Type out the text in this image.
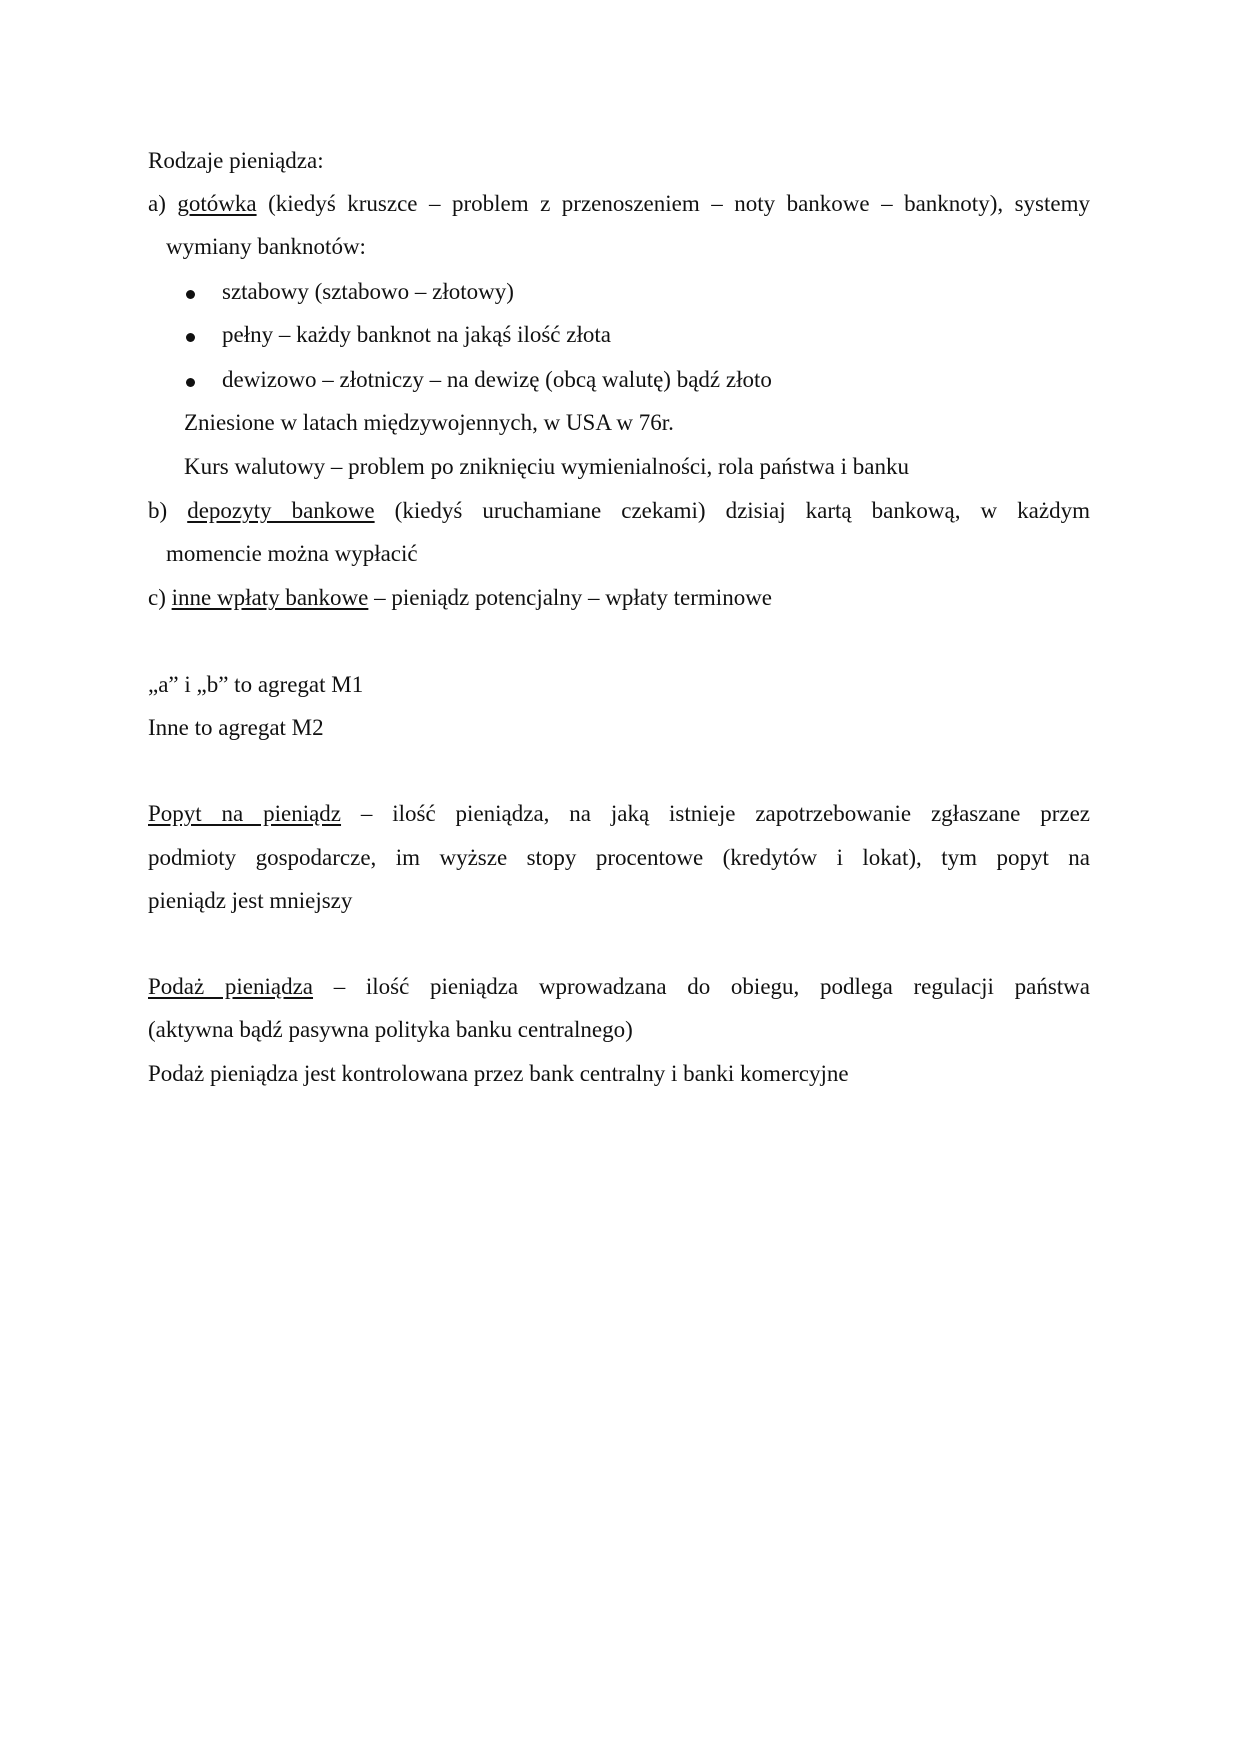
Rodzaje pieniądza:
a) gotówka (kiedyś kruszce – problem z przenoszeniem – noty bankowe – banknoty), systemy
wymiany banknotów:
sztabowy (sztabowo – złotowy)
pełny – każdy banknot na jakąś ilość złota
dewizowo – złotniczy – na dewizę (obcą walutę) bądź złoto
Zniesione w latach międzywojennych, w USA w 76r.
Kurs walutowy – problem po zniknięciu wymienialności, rola państwa i banku
b) depozyty bankowe (kiedyś uruchamiane czekami) dzisiaj kartą bankową, w każdym
momencie można wypłacić
c) inne wpłaty bankowe – pieniądz potencjalny – wpłaty terminowe
„a” i „b” to agregat M1
Inne to agregat M2
Popyt na pieniądz – ilość pieniądza, na jaką istnieje zapotrzebowanie zgłaszane przez
podmioty gospodarcze, im wyższe stopy procentowe (kredytów i lokat), tym popyt na
pieniądz jest mniejszy
Podaż pieniądza – ilość pieniądza wprowadzana do obiegu, podlega regulacji państwa
(aktywna bądź pasywna polityka banku centralnego)
Podaż pieniądza jest kontrolowana przez bank centralny i banki komercyjne
